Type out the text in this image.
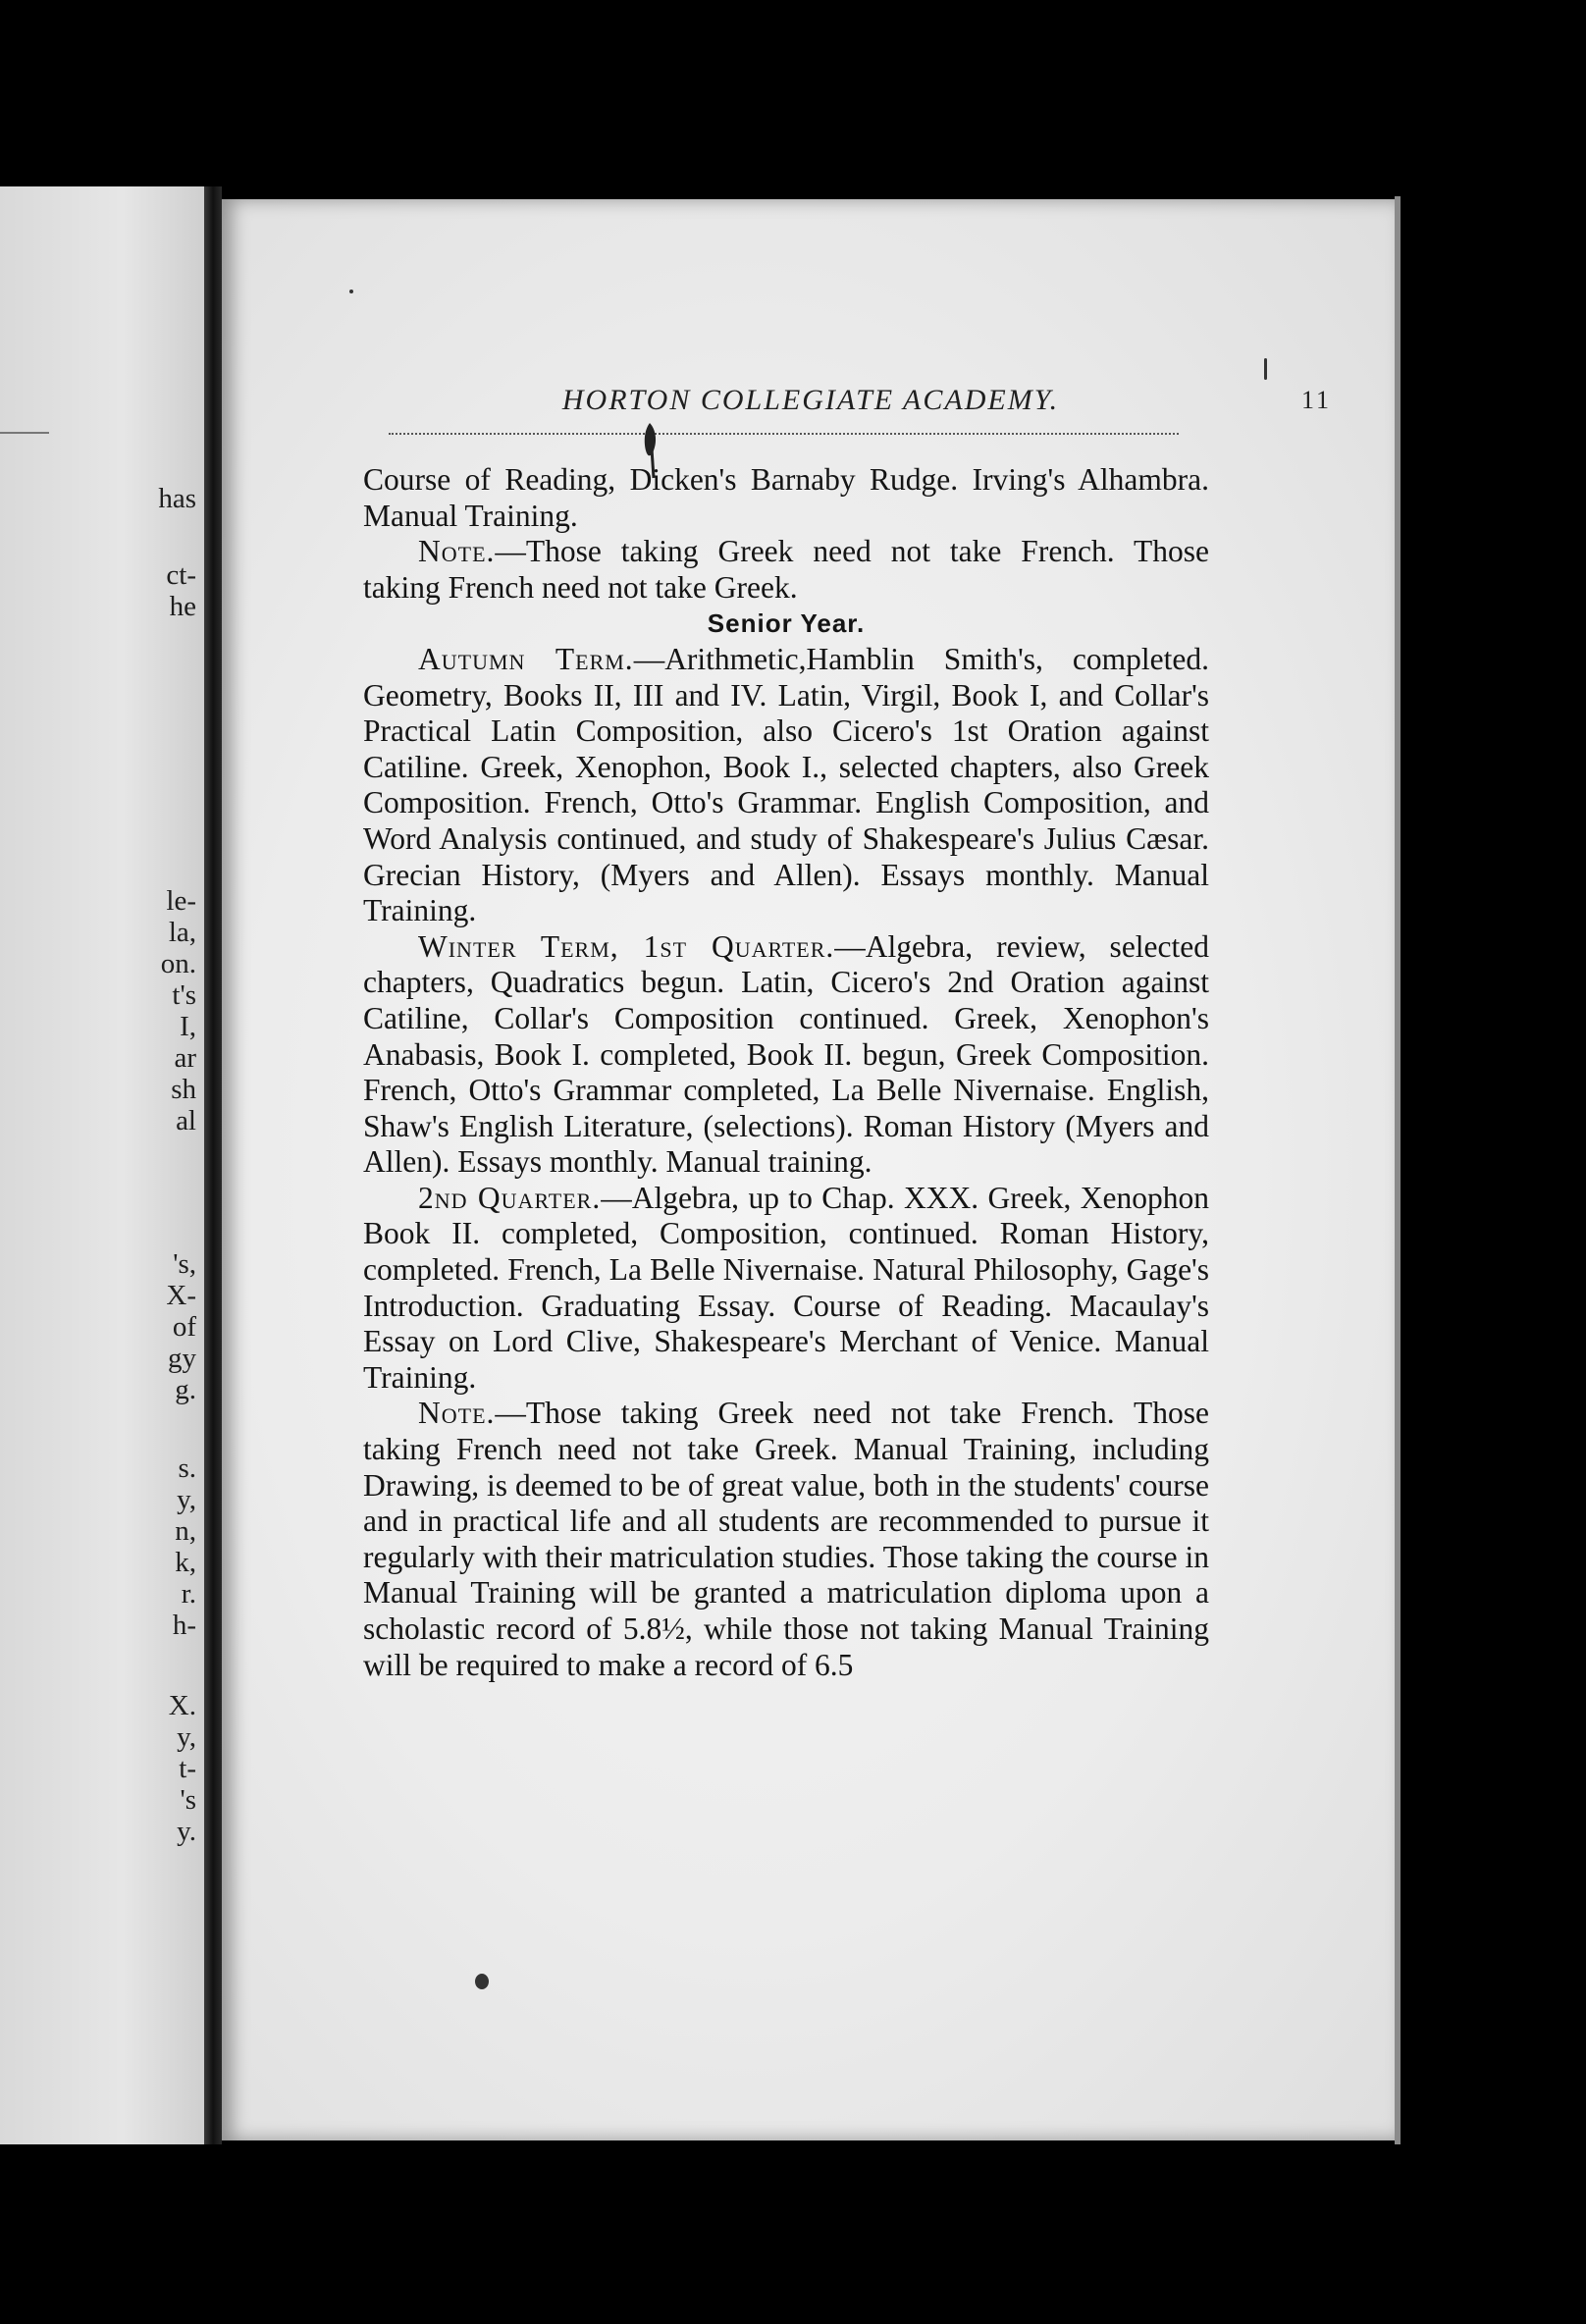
has
ct-
he
le-
la,
on.
t's
I,
ar
sh
al
's,
X-
of
gy
g.
s.
y,
n,
k,
r.
h-
X.
y,
t-
's
y.
HORTON COLLEGIATE ACADEMY.	11

Course of Reading, Dicken's Barnaby Rudge. Irving's Alhambra. Manual Training.

Note.—Those taking Greek need not take French. Those taking French need not take Greek.

Senior Year.

Autumn Term.—Arithmetic,Hamblin Smith's, completed. Geometry, Books II, III and IV. Latin, Virgil, Book I, and Collar's Practical Latin Composition, also Cicero's 1st Oration against Catiline. Greek, Xenophon, Book I., selected chapters, also Greek Composition. French, Otto's Grammar. English Composition, and Word Analysis continued, and study of Shakespeare's Julius Cæsar. Grecian History, (Myers and Allen). Essays monthly. Manual Training.

Winter Term, 1st Quarter.—Algebra, review, selected chapters, Quadratics begun. Latin, Cicero's 2nd Oration against Catiline, Collar's Composition continued. Greek, Xenophon's Anabasis, Book I. completed, Book II. begun, Greek Composition. French, Otto's Grammar completed, La Belle Nivernaise. English, Shaw's English Literature, (selections). Roman History (Myers and Allen). Essays monthly. Manual training.

2nd Quarter.—Algebra, up to Chap. XXX. Greek, Xenophon Book II. completed, Composition, continued. Roman History, completed. French, La Belle Nivernaise. Natural Philosophy, Gage's Introduction. Graduating Essay. Course of Reading. Macaulay's Essay on Lord Clive, Shakespeare's Merchant of Venice. Manual Training.

Note.—Those taking Greek need not take French. Those taking French need not take Greek. Manual Training, including Drawing, is deemed to be of great value, both in the students' course and in practical life and all students are recommended to pursue it regularly with their matriculation studies. Those taking the course in Manual Training will be granted a matriculation diploma upon a scholastic record of 5.8½, while those not taking Manual Training will be required to make a record of 6.5
